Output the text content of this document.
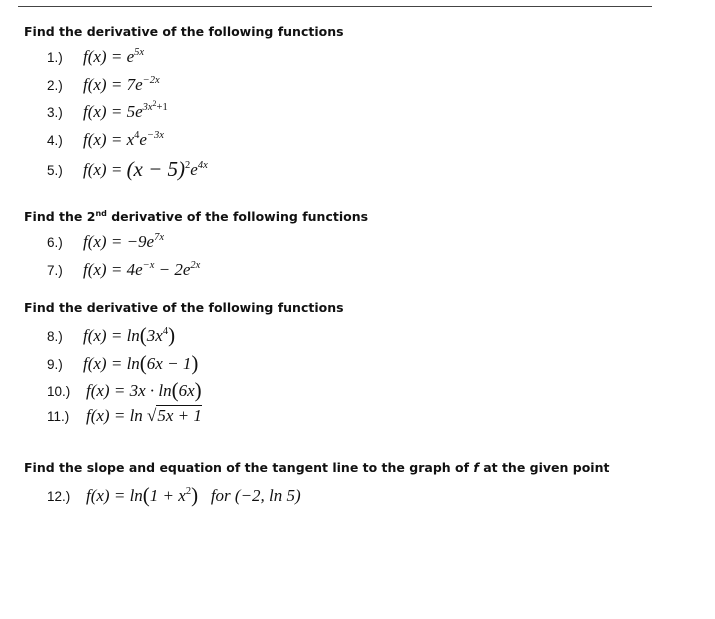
Find the derivative of the following functions

1.)	$f(x) = e^{5x}$
2.)	$f(x) = 7e^{-2x}$
3.)	$f(x) = 5e^{3x^2+1}$
4.)	$f(x) = x^4e^{-3x}$
5.)	$f(x) = (x - 5)^2e^{4x}$

Find the 2nd derivative of the following functions

6.)	$f(x) = -9e^{7x}$
7.)	$f(x) = 4e^{-x} - 2e^{2x}$

Find the derivative of the following functions

8.)	$f(x) = \ln(3x^4)$
9.)	f(x) = ln(6x − 1)
10.) f(x) = 3x · ln(6x)
11.) f(x) = ln √5x + 1

Find the slope and equation of the tangent line to the graph of f at the given point

12.) $f(x) = \ln(1 + x^2)$ for (−2, ln 5)
